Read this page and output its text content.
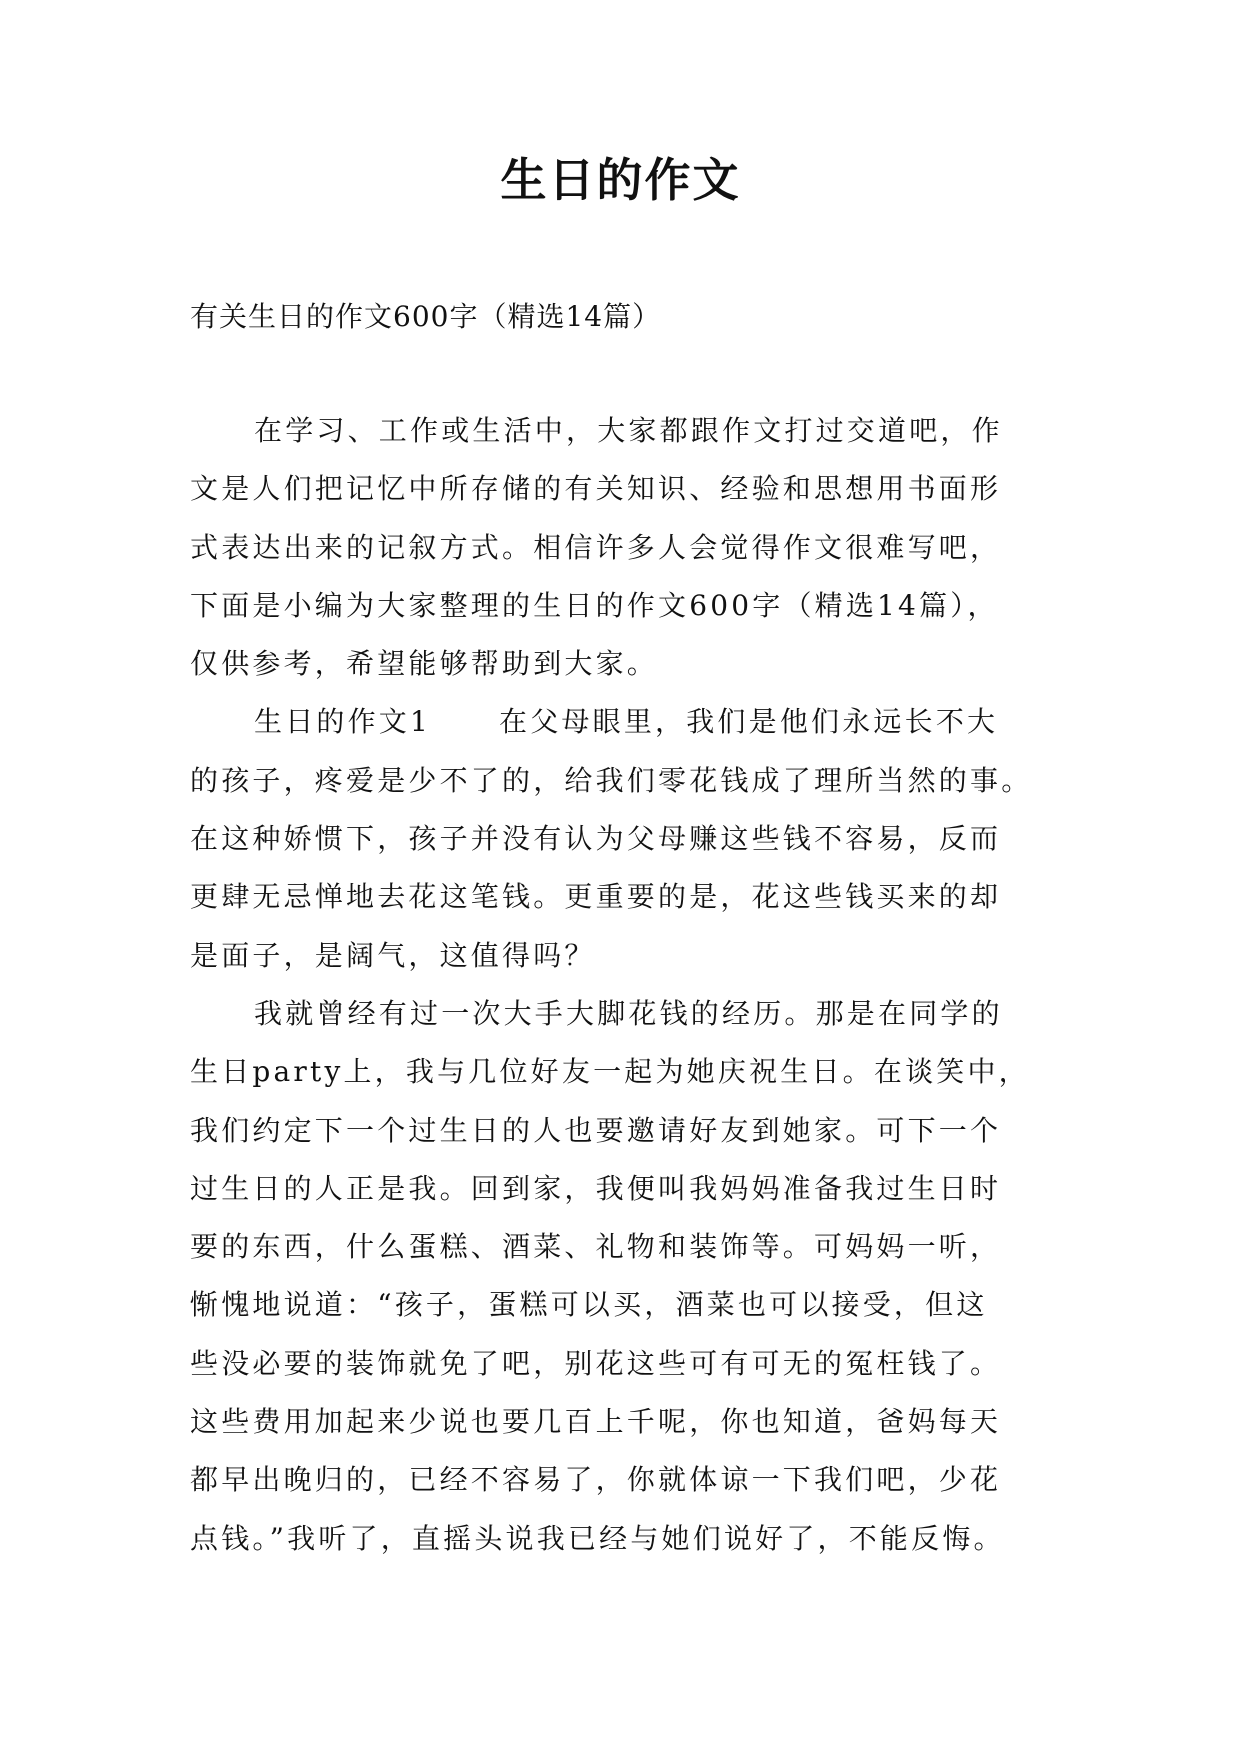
生日的作文
有关生日的作文600字（精选14篇）
在学习、工作或生活中，大家都跟作文打过交道吧，作
文是人们把记忆中所存储的有关知识、经验和思想用书面形
式表达出来的记叙方式。相信许多人会觉得作文很难写吧，
下面是小编为大家整理的生日的作文600字（精选14篇），
仅供参考，希望能够帮助到大家。
生日的作文1 在父母眼里，我们是他们永远长不大
的孩子，疼爱是少不了的，给我们零花钱成了理所当然的事。
在这种娇惯下，孩子并没有认为父母赚这些钱不容易，反而
更肆无忌惮地去花这笔钱。更重要的是，花这些钱买来的却
是面子，是阔气，这值得吗？
我就曾经有过一次大手大脚花钱的经历。那是在同学的
生日party上，我与几位好友一起为她庆祝生日。在谈笑中，
我们约定下一个过生日的人也要邀请好友到她家。可下一个
过生日的人正是我。回到家，我便叫我妈妈准备我过生日时
要的东西，什么蛋糕、酒菜、礼物和装饰等。可妈妈一听，
惭愧地说道：“孩子，蛋糕可以买，酒菜也可以接受，但这
些没必要的装饰就免了吧，别花这些可有可无的冤枉钱了。
这些费用加起来少说也要几百上千呢，你也知道，爸妈每天
都早出晚归的，已经不容易了，你就体谅一下我们吧，少花
点钱。”我听了，直摇头说我已经与她们说好了，不能反悔。
